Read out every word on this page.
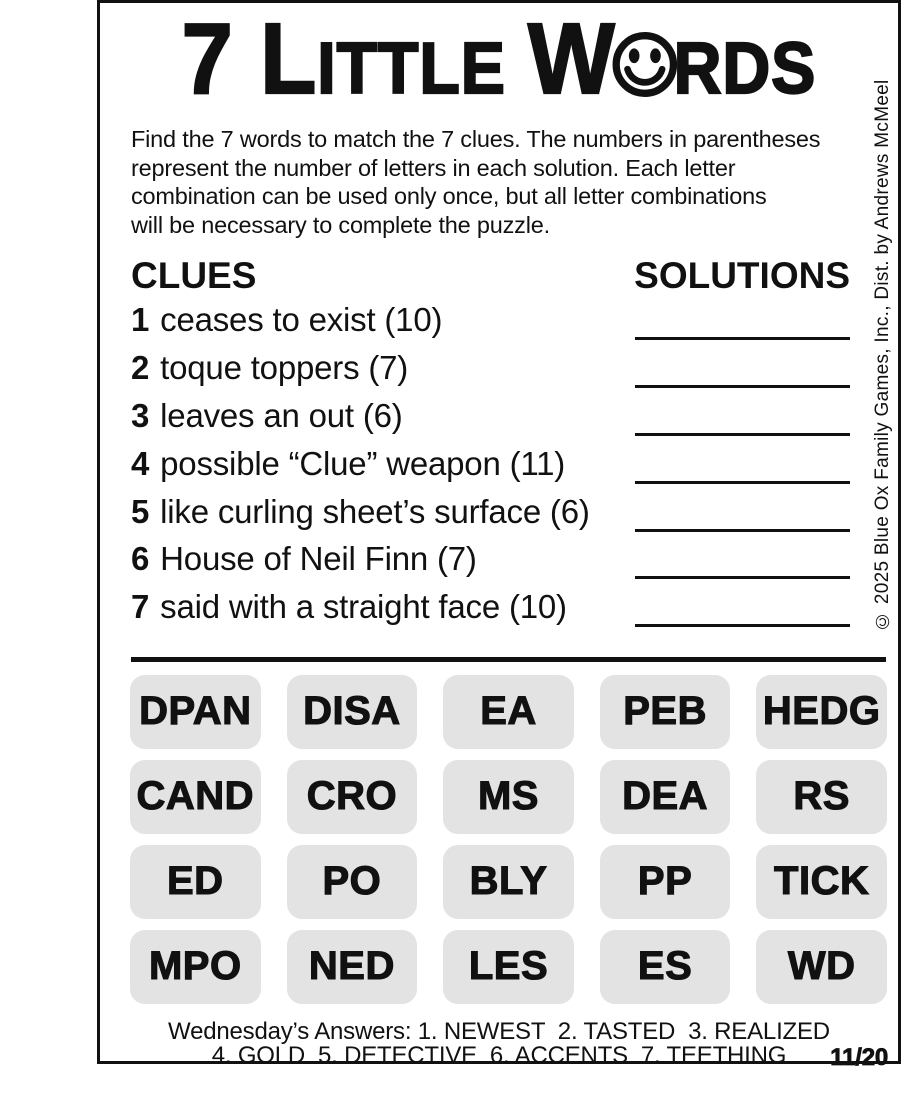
7 LITTLE W RDS
Find the 7 words to match the 7 clues. The numbers in parentheses
represent the number of letters in each solution. Each letter
combination can be used only once, but all letter combinations
will be necessary to complete the puzzle.
CLUES	SOLUTIONS
1 ceases to exist (10)
2 toque toppers (7)
3 leaves an out (6)
4 possible “Clue” weapon (11)
5 like curling sheet’s surface (6)
6 House of Neil Finn (7)
7 said with a straight face (10)
DPAN	DISA	EA	PEB	HEDG
CAND	CRO	MS	DEA	RS
ED	PO	BLY	PP	TICK
MPO	NED	LES	ES	WD
Wednesday’s Answers: 1. NEWEST  2. TASTED  3. REALIZED
4. GOLD  5. DETECTIVE  6. ACCENTS  7. TEETHING	11/20
© 2025 Blue Ox Family Games, Inc., Dist. by Andrews McMeel
